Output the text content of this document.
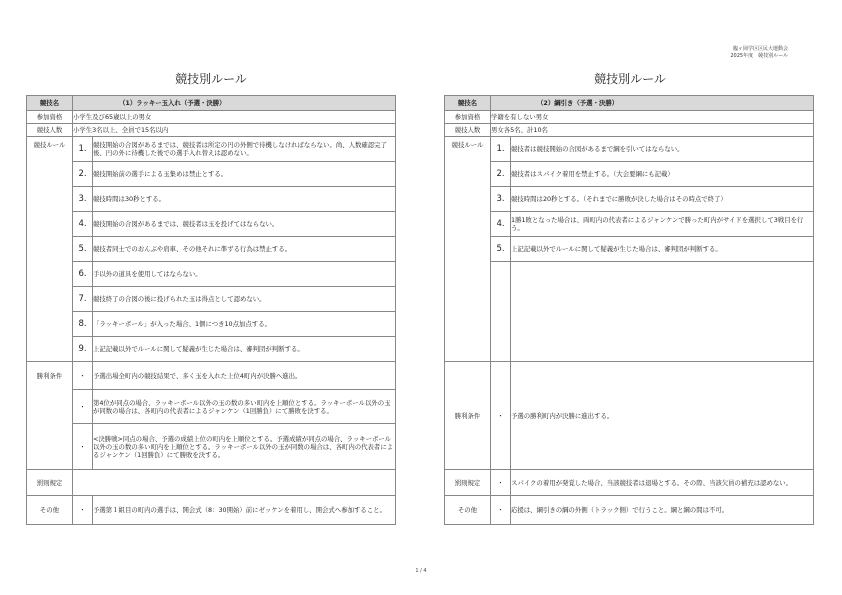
臨ヶ岡学区区民大運動会
2025年度　競技別ルール
競技別ルール
競技名	（1）ラッキー玉入れ（予選・決勝）	
参加資格	小学生及び65歳以上の男女	
競技人数	小学生3名以上、全員で15名以内	
競技ルール	1.	競技開始の合図があるまでは、競技者は所定の円の外側で待機しなければならない。尚、人数確認完了後、円の外に待機した後での選手入れ替えは認めない。
	2.	競技開始前の選手による玉集めは禁止とする。
	3.	競技時間は30秒とする。
	4.	競技開始の合図があるまでは、競技者は玉を投げてはならない。
	5.	競技者同士でのおんぶや肩車、その他それに準ずる行為は禁止する。
	6.	手以外の道具を使用してはならない。
	7.	競技終了の合図の後に投げられた玉は得点として認めない。
	8.	「ラッキーボール」が入った場合、1個につき10点加点する。
	9.	上記記載以外でルールに関して疑義が生じた場合は、審判団が判断する。
勝利条件	・	予選出場全町内の競技結果で、多く玉を入れた上位4町内が決勝へ進出。
	・	第4位が同点の場合、ラッキーボール以外の玉の数の多い町内を上順位とする。ラッキーボール以外の玉が同数の場合は、各町内の代表者によるジャンケン（1回勝負）にて勝敗を決する。
	・	<決勝戦>同点の場合、予選の成績上位の町内を上順位とする。予選成績が同点の場合、ラッキーボール以外の玉の数の多い町内を上順位とする。ラッキーボール以外の玉が同数の場合は、各町内の代表者によるジャンケン（1回勝負）にて勝敗を決する。
罰則規定		
その他	・	予選第１組目の町内の選手は、開会式（8：30開始）前にゼッケンを着用し、開会式へ参加すること。
競技別ルール
競技名	（2）綱引き（予選・決勝）	
参加資格	学籍を有しない男女	
競技人数	男女各5名、計10名	
競技ルール	1.	競技者は競技開始の合図があるまで綱を引いてはならない。
	2.	競技者はスパイク着用を禁止する。（大会要綱にも記載）
	3.	競技時間は20秒とする。（それまでに勝敗が決した場合はその時点で終了）
	4.	1勝1敗となった場合は、両町内の代表者によるジャンケンで勝った町内がサイドを選択して3戦目を行う。
	5.	上記記載以外でルールに関して疑義が生じた場合は、審判団が判断する。

勝利条件	・	予選の勝利町内が決勝に進出する。
罰則規定	・	スパイクの着用が発覚した場合、当該競技者は退場とする。その際、当該欠員の補充は認めない。
その他	・	応援は、綱引きの綱の外側（トラック側）で行うこと。綱と綱の間は不可。
1 / 4
